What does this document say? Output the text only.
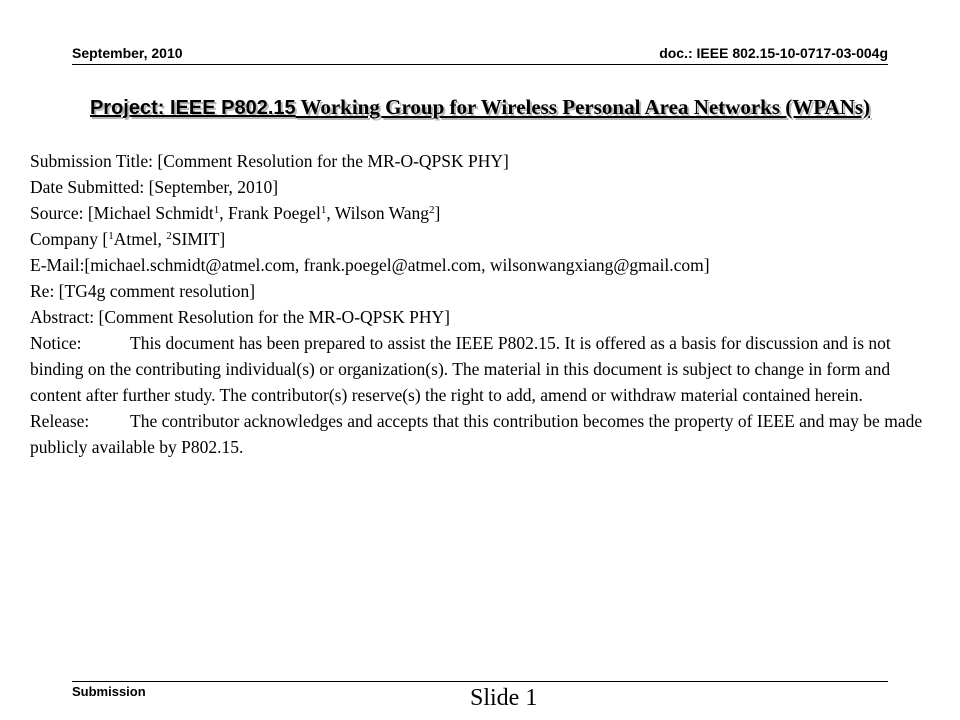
September, 2010	doc.: IEEE 802.15-10-0717-03-004g
Project: IEEE P802.15 Working Group for Wireless Personal Area Networks (WPANs)
Submission Title: [Comment Resolution for the MR-O-QPSK PHY]
Date Submitted: [September, 2010]
Source: [Michael Schmidt$^1$, Frank Poegel$^1$, Wilson Wang$^2$]
Company [$^1$Atmel, $^2$SIMIT]
E-Mail:[michael.schmidt@atmel.com, frank.poegel@atmel.com, wilsonwangxiang@gmail.com]
Re: [TG4g comment resolution]
Abstract: [Comment Resolution for the MR-O-QPSK PHY]
Notice:	This document has been prepared to assist the IEEE P802.15. It is offered as a basis for discussion and is not binding on the contributing individual(s) or organization(s). The material in this document is subject to change in form and content after further study. The contributor(s) reserve(s) the right to add, amend or withdraw material contained herein.
Release: The contributor acknowledges and accepts that this contribution becomes the property of IEEE and may be made publicly available by P802.15.
Submission	Slide 1
